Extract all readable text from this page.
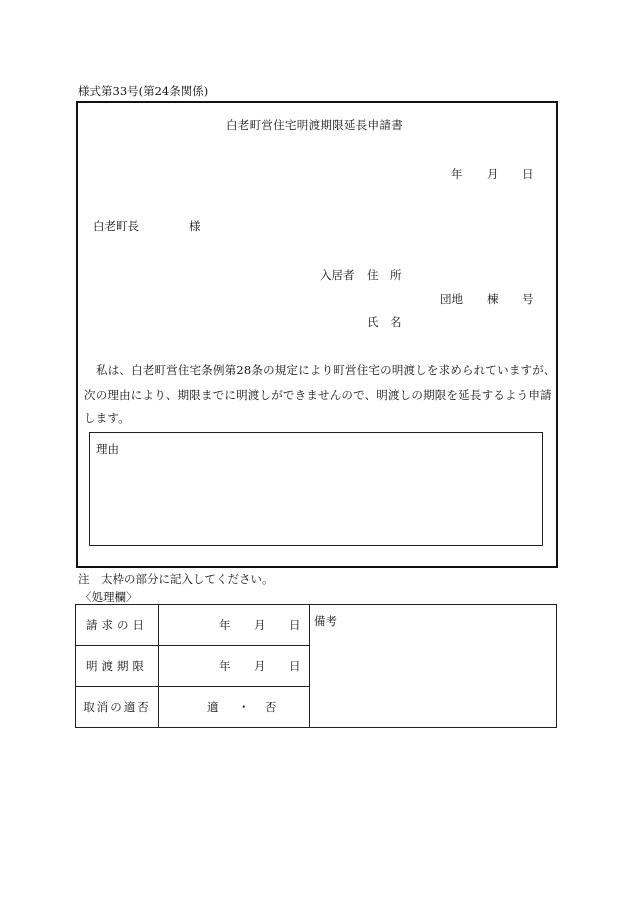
様式第33号(第24条関係)
白老町営住宅明渡期限延長申請書
年 月 日
白老町長	様
入居者 住　所
団地 棟 号
氏　名
私は、白老町営住宅条例第28条の規定により町営住宅の明渡しを求められていますが、
次の理由により、期限までに明渡しができませんので、明渡しの期限を延長するよう申請
します。
理由
注　太枠の部分に記入してください。
〈処理欄〉
請求の日	年 月 日	備考

明渡期限	年 月 日	

取消の適否	適 ・ 否	
